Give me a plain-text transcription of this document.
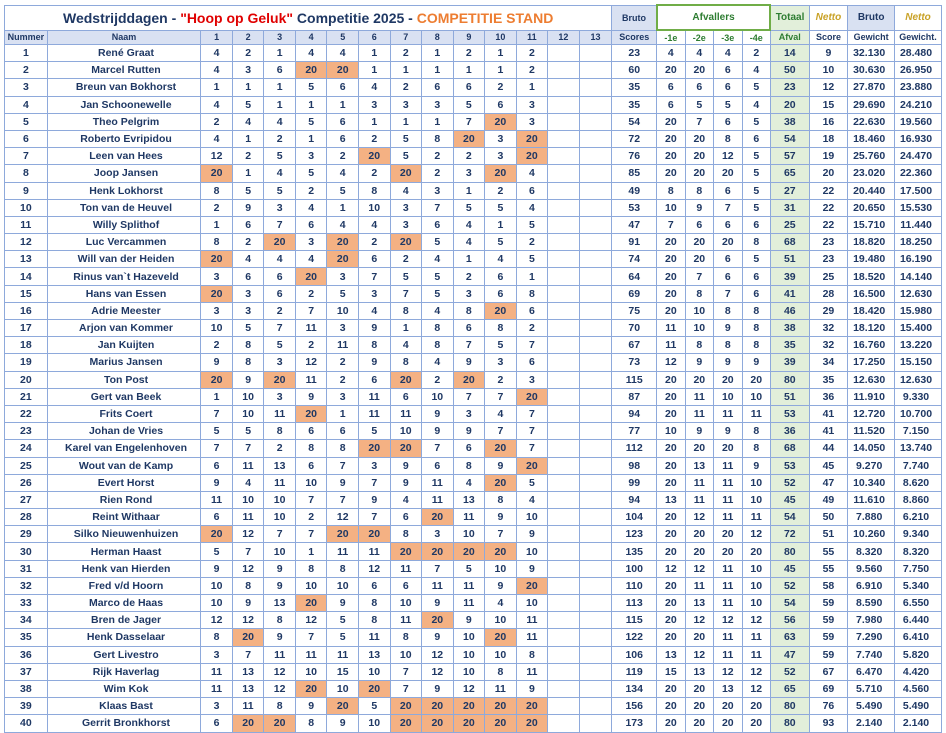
Wedstrijddagen - "Hoop op Geluk" Competitie 2025 - COMPETITIE STAND															Bruto	Afvallers				Totaal	Netto	Bruto	Netto
Nummer	Naam	1	2	3	4	5	6	7	8	9	10	11	12	13	Scores	-1e	-2e	-3e	-4e	Afval	Score	Gewicht	Gewicht.
1	René Graat	4	2	1	4	4	1	2	1	2	1	2			23	4	4	4	2	14	9	32.130	28.480
2	Marcel Rutten	4	3	6	20	20	1	1	1	1	1	2			60	20	20	6	4	50	10	30.630	26.950
3	Breun van Bokhorst	1	1	1	5	6	4	2	6	6	2	1			35	6	6	6	5	23	12	27.870	23.880
4	Jan Schoonewelle	4	5	1	1	1	3	3	3	5	6	3			35	6	5	5	4	20	15	29.690	24.210
5	Theo Pelgrim	2	4	4	5	6	1	1	1	7	20	3			54	20	7	6	5	38	16	22.630	19.560
6	Roberto Evripidou	4	1	2	1	6	2	5	8	20	3	20			72	20	20	8	6	54	18	18.460	16.930
7	Leen van Hees	12	2	5	3	2	20	5	2	2	3	20			76	20	20	12	5	57	19	25.760	24.470
8	Joop Jansen	20	1	4	5	4	2	20	2	3	20	4			85	20	20	20	5	65	20	23.020	22.360
9	Henk Lokhorst	8	5	5	2	5	8	4	3	1	2	6			49	8	8	6	5	27	22	20.440	17.500
10	Ton van de Heuvel	2	9	3	4	1	10	3	7	5	5	4			53	10	9	7	5	31	22	20.650	15.530
11	Willy Splithof	1	6	7	6	4	4	3	6	4	1	5			47	7	6	6	6	25	22	15.710	11.440
12	Luc Vercammen	8	2	20	3	20	2	20	5	4	5	2			91	20	20	20	8	68	23	18.820	18.250
13	Will van der Heiden	20	4	4	4	20	6	2	4	1	4	5			74	20	20	6	5	51	23	19.480	16.190
14	Rinus van`t Hazeveld	3	6	6	20	3	7	5	5	2	6	1			64	20	7	6	6	39	25	18.520	14.140
15	Hans van Essen	20	3	6	2	5	3	7	5	3	6	8			69	20	8	7	6	41	28	16.500	12.630
16	Adrie Meester	3	3	2	7	10	4	8	4	8	20	6			75	20	10	8	8	46	29	18.420	15.980
17	Arjon van Kommer	10	5	7	11	3	9	1	8	6	8	2			70	11	10	9	8	38	32	18.120	15.400
18	Jan Kuijten	2	8	5	2	11	8	4	8	7	5	7			67	11	8	8	8	35	32	16.760	13.220
19	Marius Jansen	9	8	3	12	2	9	8	4	9	3	6			73	12	9	9	9	39	34	17.250	15.150
20	Ton Post	20	9	20	11	2	6	20	2	20	2	3			115	20	20	20	20	80	35	12.630	12.630
21	Gert van Beek	1	10	3	9	3	11	6	10	7	7	20			87	20	11	10	10	51	36	11.910	9.330
22	Frits Coert	7	10	11	20	1	11	11	9	3	4	7			94	20	11	11	11	53	41	12.720	10.700
23	Johan de Vries	5	5	8	6	6	5	10	9	9	7	7			77	10	9	9	8	36	41	11.520	7.150
24	Karel van Engelenhoven	7	7	2	8	8	20	20	7	6	20	7			112	20	20	20	8	68	44	14.050	13.740
25	Wout van de Kamp	6	11	13	6	7	3	9	6	8	9	20			98	20	13	11	9	53	45	9.270	7.740
26	Evert Horst	9	4	11	10	9	7	9	11	4	20	5			99	20	11	11	10	52	47	10.340	8.620
27	Rien Rond	11	10	10	7	7	9	4	11	13	8	4			94	13	11	11	10	45	49	11.610	8.860
28	Reint Withaar	6	11	10	2	12	7	6	20	11	9	10			104	20	12	11	11	54	50	7.880	6.210
29	Silko Nieuwenhuizen	20	12	7	7	20	20	8	3	10	7	9			123	20	20	20	12	72	51	10.260	9.340
30	Herman Haast	5	7	10	1	11	11	20	20	20	20	10			135	20	20	20	20	80	55	8.320	8.320
31	Henk van Hierden	9	12	9	8	8	12	11	7	5	10	9			100	12	12	11	10	45	55	9.560	7.750
32	Fred v/d Hoorn	10	8	9	10	10	6	6	11	11	9	20			110	20	11	11	10	52	58	6.910	5.340
33	Marco de Haas	10	9	13	20	9	8	10	9	11	4	10			113	20	13	11	10	54	59	8.590	6.550
34	Bren de Jager	12	12	8	12	5	8	11	20	9	10	11			115	20	12	12	12	56	59	7.980	6.440
35	Henk Dasselaar	8	20	9	7	5	11	8	9	10	20	11			122	20	20	11	11	63	59	7.290	6.410
36	Gert Livestro	3	7	11	11	11	13	10	12	10	10	8			106	13	12	11	11	47	59	7.740	5.820
37	Rijk Haverlag	11	13	12	10	15	10	7	12	10	8	11			119	15	13	12	12	52	67	6.470	4.420
38	Wim Kok	11	13	12	20	10	20	7	9	12	11	9			134	20	20	13	12	65	69	5.710	4.560
39	Klaas Bast	3	11	8	9	20	5	20	20	20	20	20			156	20	20	20	20	80	76	5.490	5.490
40	Gerrit Bronkhorst	6	20	20	8	9	10	20	20	20	20	20			173	20	20	20	20	80	93	2.140	2.140
